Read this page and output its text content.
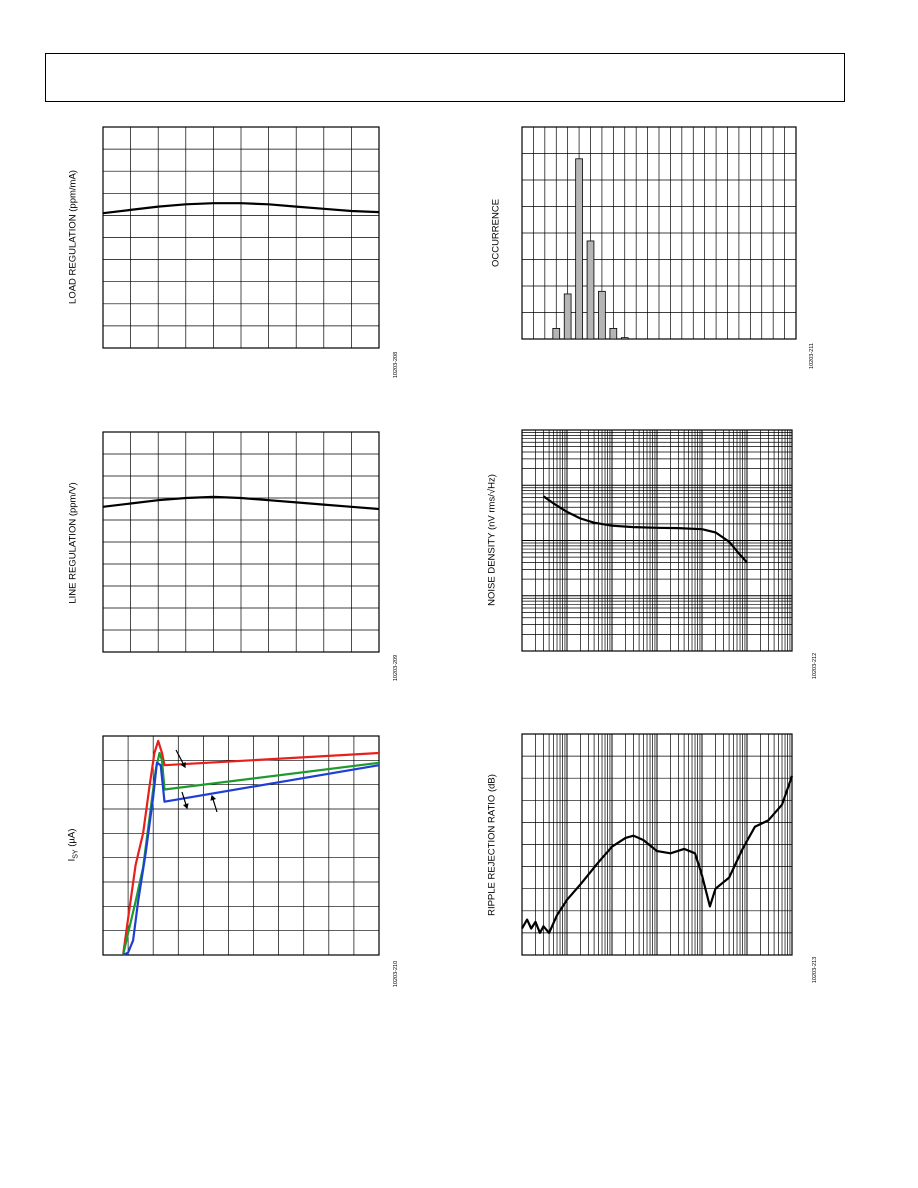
LOAD REGULATION (ppm/mA)
10203-208
OCCURRENCE
10203-211
LINE REGULATION (ppm/V)
10203-209
NOISE DENSITY (nV rms/√Hz)
10203-212
$I_{SY}$ (µA)
10203-210
RIPPLE REJECTION RATIO (dB)
10203-213
